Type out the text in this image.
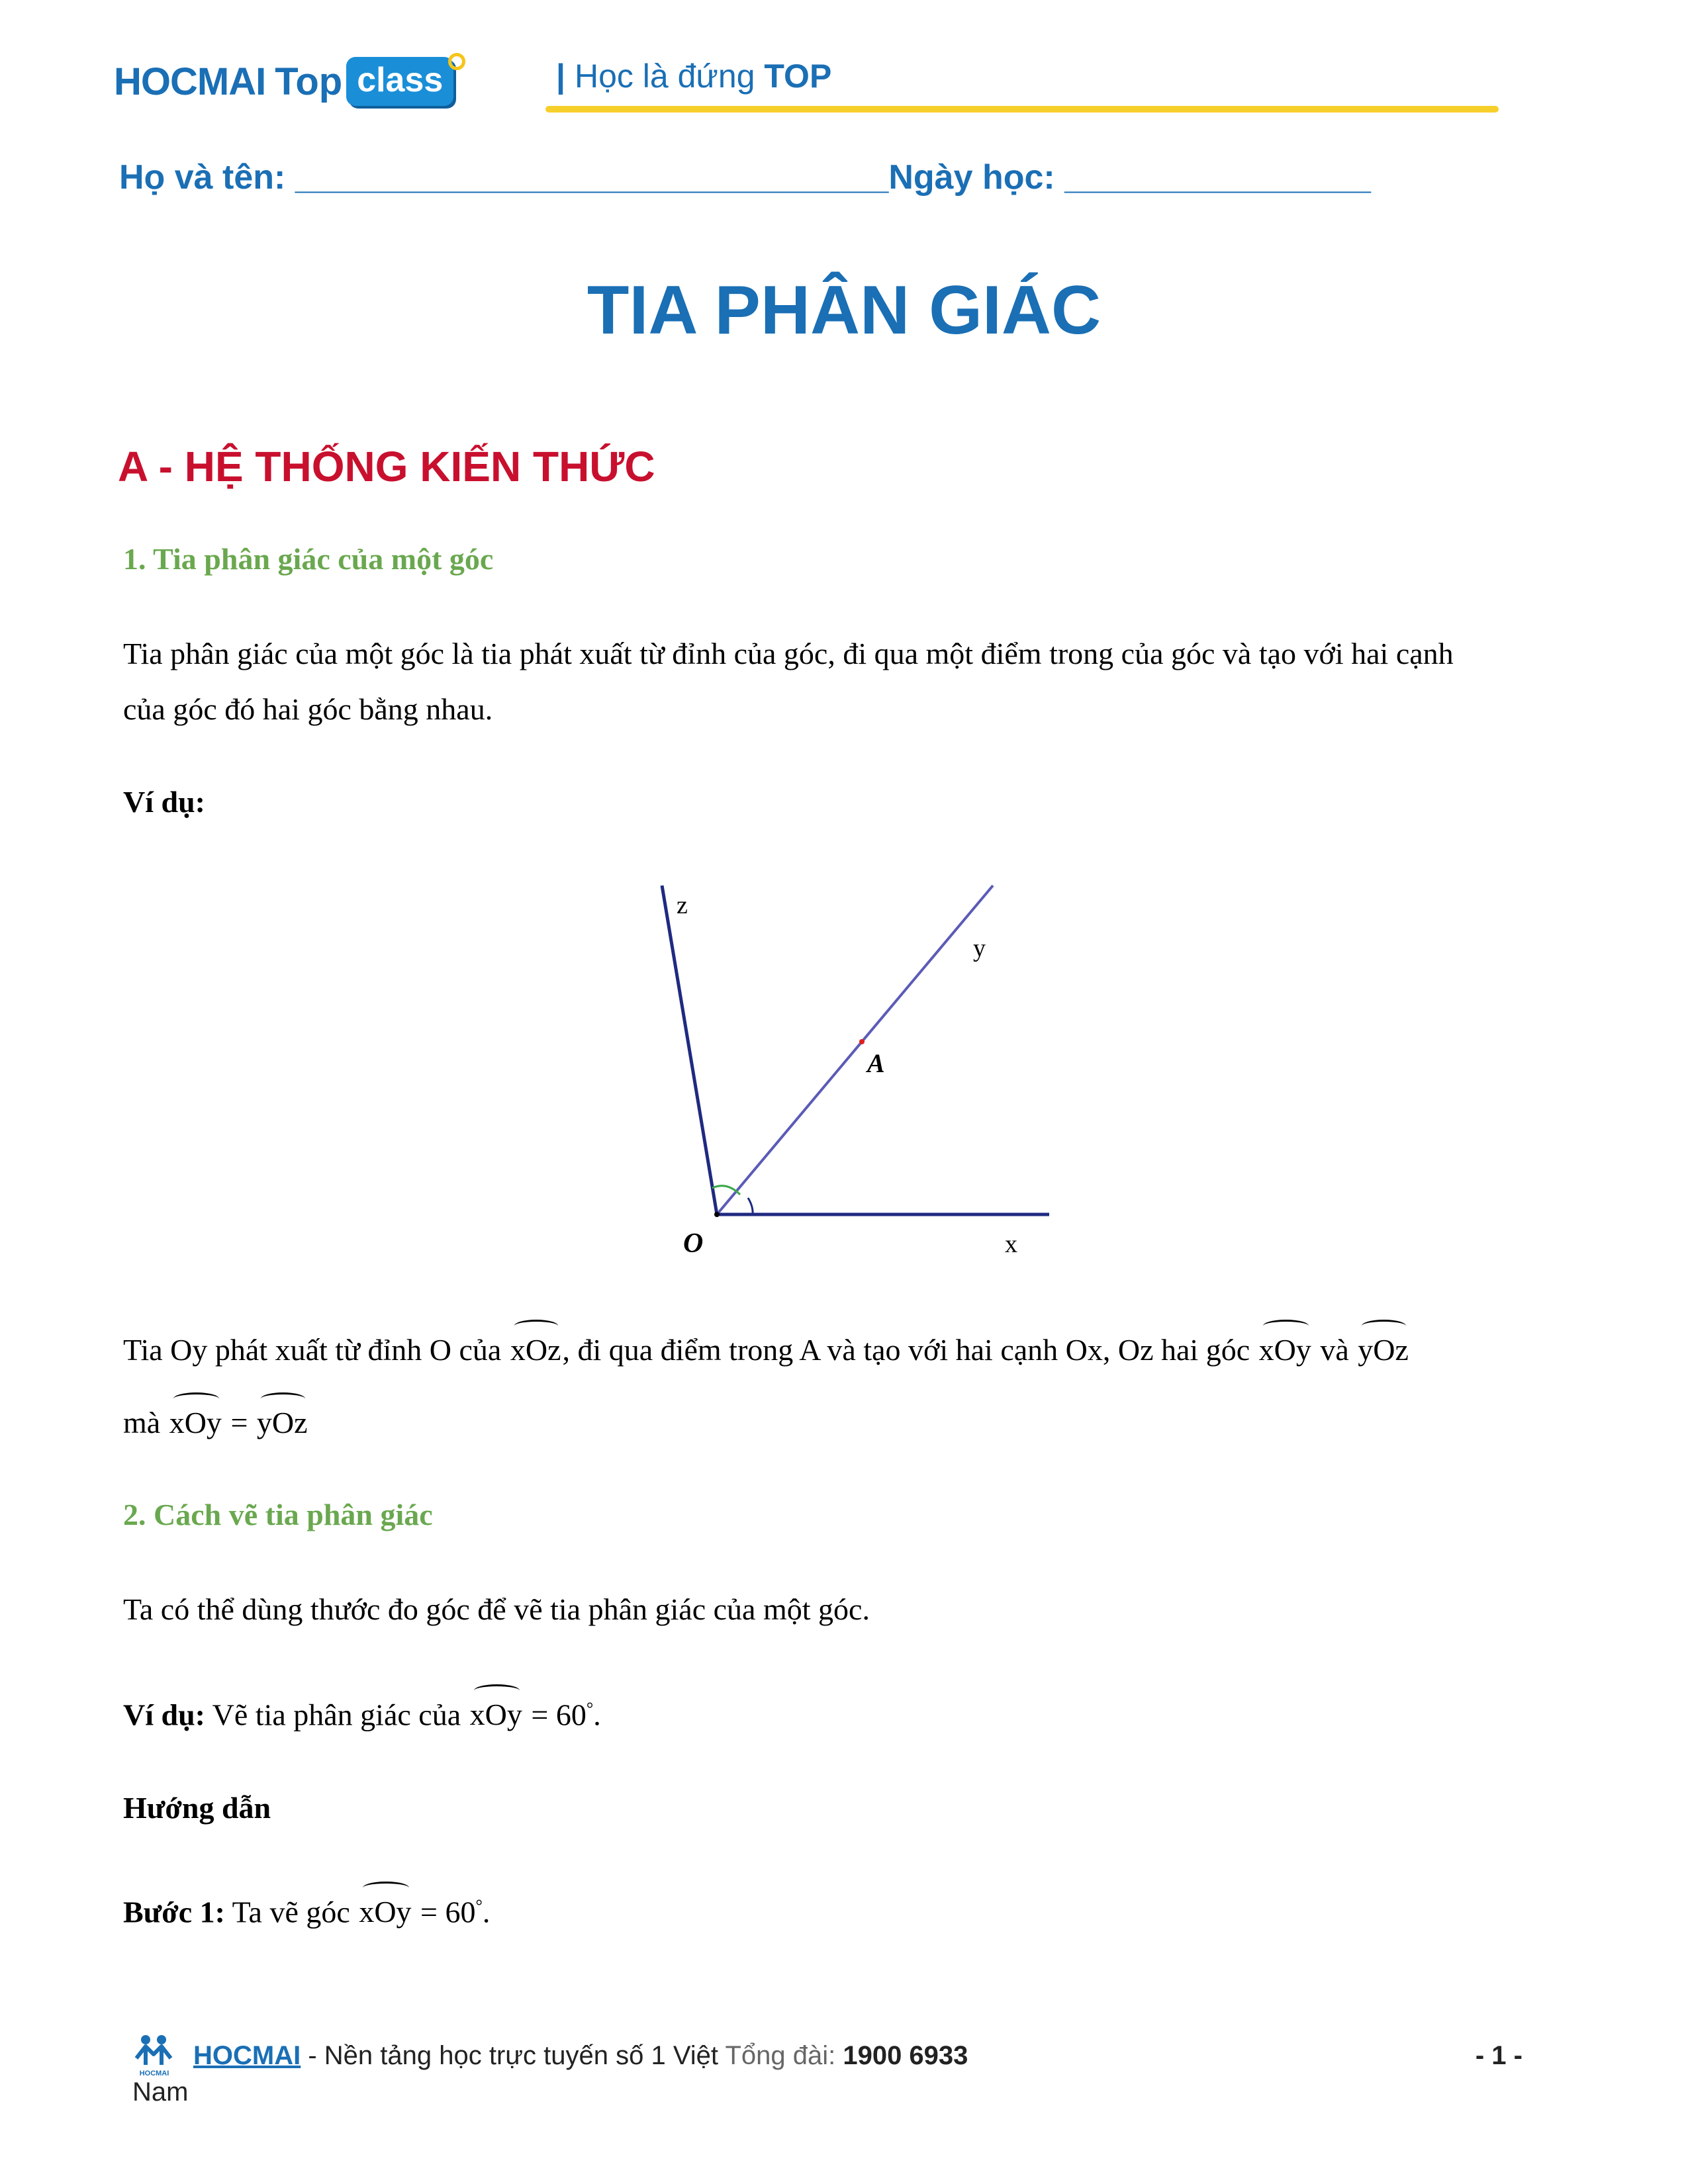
HOCMAI Top class	| Học là đứng TOP
Họ và tên: _______________________________Ngày học: ________________
TIA PHÂN GIÁC
A - HỆ THỐNG KIẾN THỨC
1. Tia phân giác của một góc
Tia phân giác của một góc là tia phát xuất từ đỉnh của góc, đi qua một điểm trong của góc và tạo với hai cạnh
của góc đó hai góc bằng nhau.
Ví dụ:
z
y
A
O	x
Tia Oy phát xuất từ đỉnh O của xOz, đi qua điểm trong A và tạo với hai cạnh Ox, Oz hai góc xOy và yOz
mà xOy = yOz
2. Cách vẽ tia phân giác
Ta có thể dùng thước đo góc để vẽ tia phân giác của một góc.
Ví dụ: Vẽ tia phân giác của xOy = 60°.
Hướng dẫn
Bước 1: Ta vẽ góc xOy = 60°.
HOCMAI
HOCMAI - Nền tảng học trực tuyến số 1 Việt Tổng đài: 1900 6933	- 1 -
Nam
